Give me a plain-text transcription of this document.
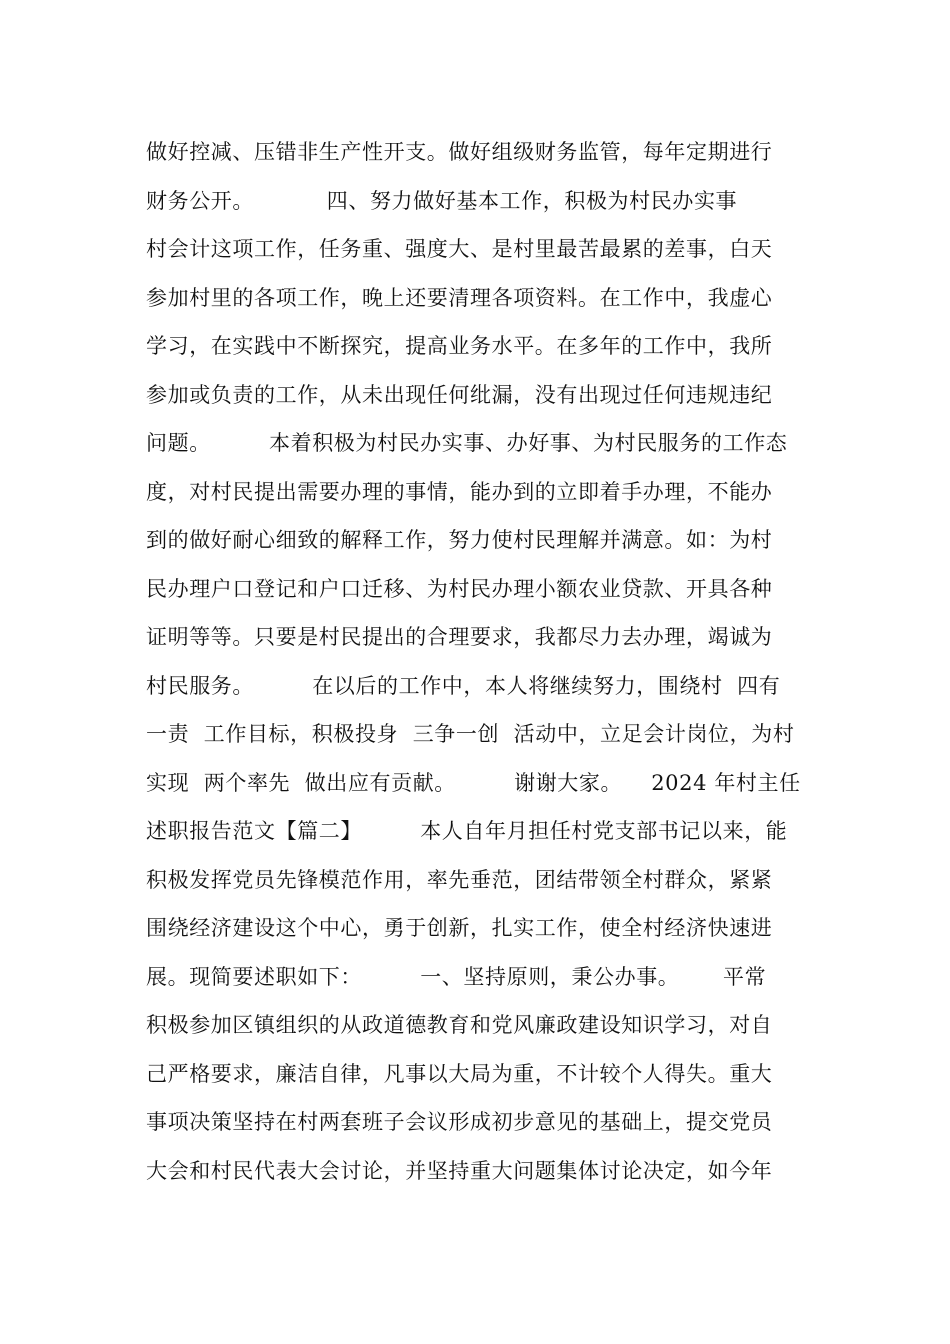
做好控减、压错非生产性开支。做好组级财务监管，每年定期进行
财务公开。          四、努力做好基本工作，积极为村民办实事
村会计这项工作，任务重、强度大、是村里最苦最累的差事，白天
参加村里的各项工作，晚上还要清理各项资料。在工作中，我虚心
学习，在实践中不断探究，提高业务水平。在多年的工作中，我所
参加或负责的工作，从未出现任何纰漏，没有出现过任何违规违纪
问题。        本着积极为村民办实事、办好事、为村民服务的工作态
度，对村民提出需要办理的事情，能办到的立即着手办理，不能办
到的做好耐心细致的解释工作，努力使村民理解并满意。如：为村
民办理户口登记和户口迁移、为村民办理小额农业贷款、开具各种
证明等等。只要是村民提出的合理要求，我都尽力去办理，竭诚为
村民服务。        在以后的工作中，本人将继续努力，围绕村  四有
一责  工作目标，积极投身  三争一创  活动中，立足会计岗位，为村
实现  两个率先  做出应有贡献。        谢谢大家。    2024 年村主任
述职报告范文【篇二】        本人自年月担任村党支部书记以来，能
积极发挥党员先锋模范作用，率先垂范，团结带领全村群众，紧紧
围绕经济建设这个中心，勇于创新，扎实工作，使全村经济快速进
展。现简要述职如下：        一、坚持原则，秉公办事。      平常
积极参加区镇组织的从政道德教育和党风廉政建设知识学习，对自
己严格要求，廉洁自律，凡事以大局为重，不计较个人得失。重大
事项决策坚持在村两套班子会议形成初步意见的基础上，提交党员
大会和村民代表大会讨论，并坚持重大问题集体讨论决定，如今年
